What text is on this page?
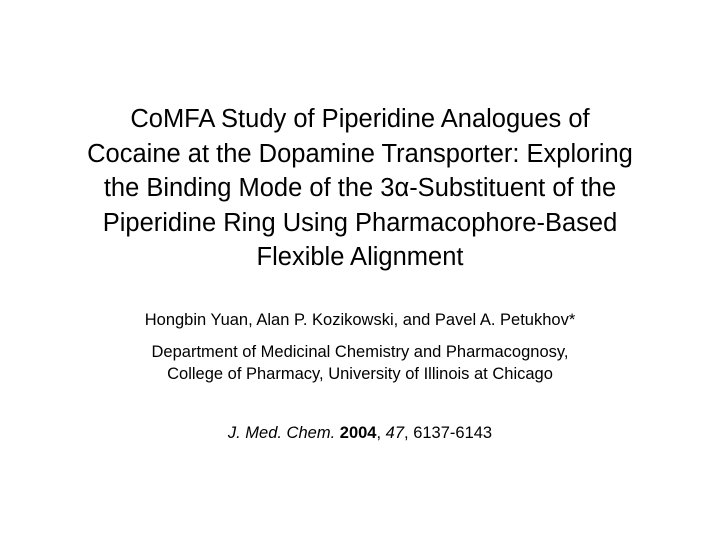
CoMFA Study of Piperidine Analogues of
Cocaine at the Dopamine Transporter: Exploring
the Binding Mode of the 3α-Substituent of the
Piperidine Ring Using Pharmacophore-Based
Flexible Alignment

Hongbin Yuan, Alan P. Kozikowski, and Pavel A. Petukhov*

Department of Medicinal Chemistry and Pharmacognosy,
College of Pharmacy, University of Illinois at Chicago

J. Med. Chem. 2004, 47, 6137-6143
